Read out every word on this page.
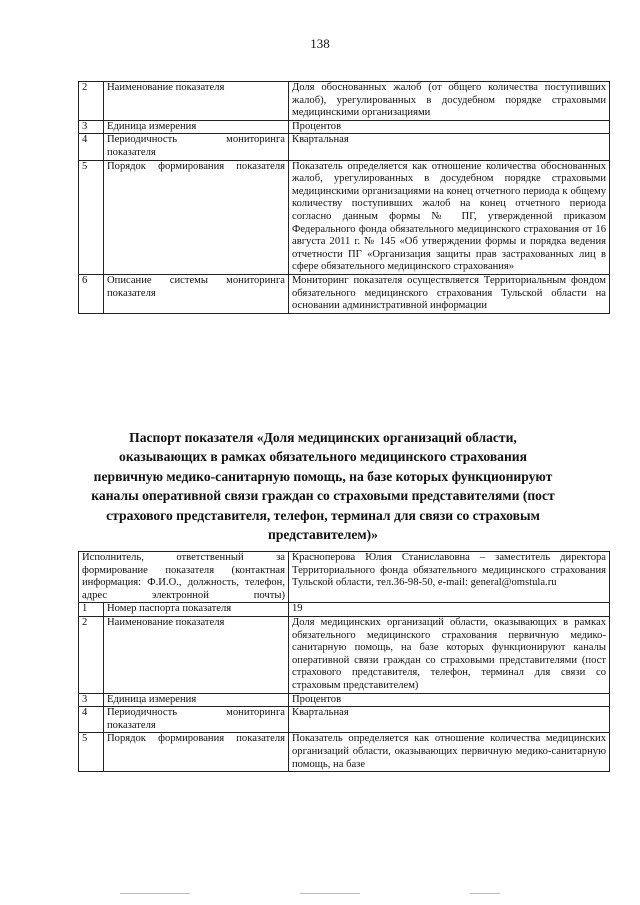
138
2	Наименование показателя	Доля обоснованных жалоб (от общего количества поступивших жалоб), урегулированных в досудебном порядке страховыми медицинскими организациями
3	Единица измерения	Процентов
4	Периодичность мониторинга показателя	Квартальная
5	Порядок формирования показателя	Показатель определяется как отношение количества обоснованных жалоб, урегулированных в досудебном порядке страховыми медицинскими организациями на конец отчетного периода к общему количеству поступивших жалоб на конец отчетного периода согласно данным формы № ПГ, утвержденной приказом Федерального фонда обязательного медицинского страхования от 16 августа 2011 г. № 145 «Об утверждении формы и порядка ведения отчетности ПГ «Организация защиты прав застрахованных лиц в сфере обязательного медицинского страхования»
6	Описание системы мониторинга показателя	Мониторинг показателя осуществляется Территориальным фондом обязательного медицинского страхования Тульской области на основании административной информации
Паспорт показателя «Доля медицинских организаций области, оказывающих в рамках обязательного медицинского страхования первичную медико-санитарную помощь, на базе которых функционируют каналы оперативной связи граждан со страховыми представителями (пост страхового представителя, телефон, терминал для связи со страховым представителем)»
Исполнитель, ответственный за формирование показателя (контактная информация: Ф.И.О., должность, телефон, адрес электронной почты)		Красноперова Юлия Станиславовна – заместитель директора Территориального фонда обязательного медицинского страхования Тульской области, тел.36-98-50, e-mail: general@omstula.ru
1	Номер паспорта показателя	19
2	Наименование показателя	Доля медицинских организаций области, оказывающих в рамках обязательного медицинского страхования первичную медико-санитарную помощь, на базе которых функционируют каналы оперативной связи граждан со страховыми представителями (пост страхового представителя, телефон, терминал для связи со страховым представителем)
3	Единица измерения	Процентов
4	Периодичность мониторинга показателя	Квартальная
5	Порядок формирования показателя	Показатель определяется как отношение количества медицинских организаций области, оказывающих первичную медико-санитарную помощь, на базе
